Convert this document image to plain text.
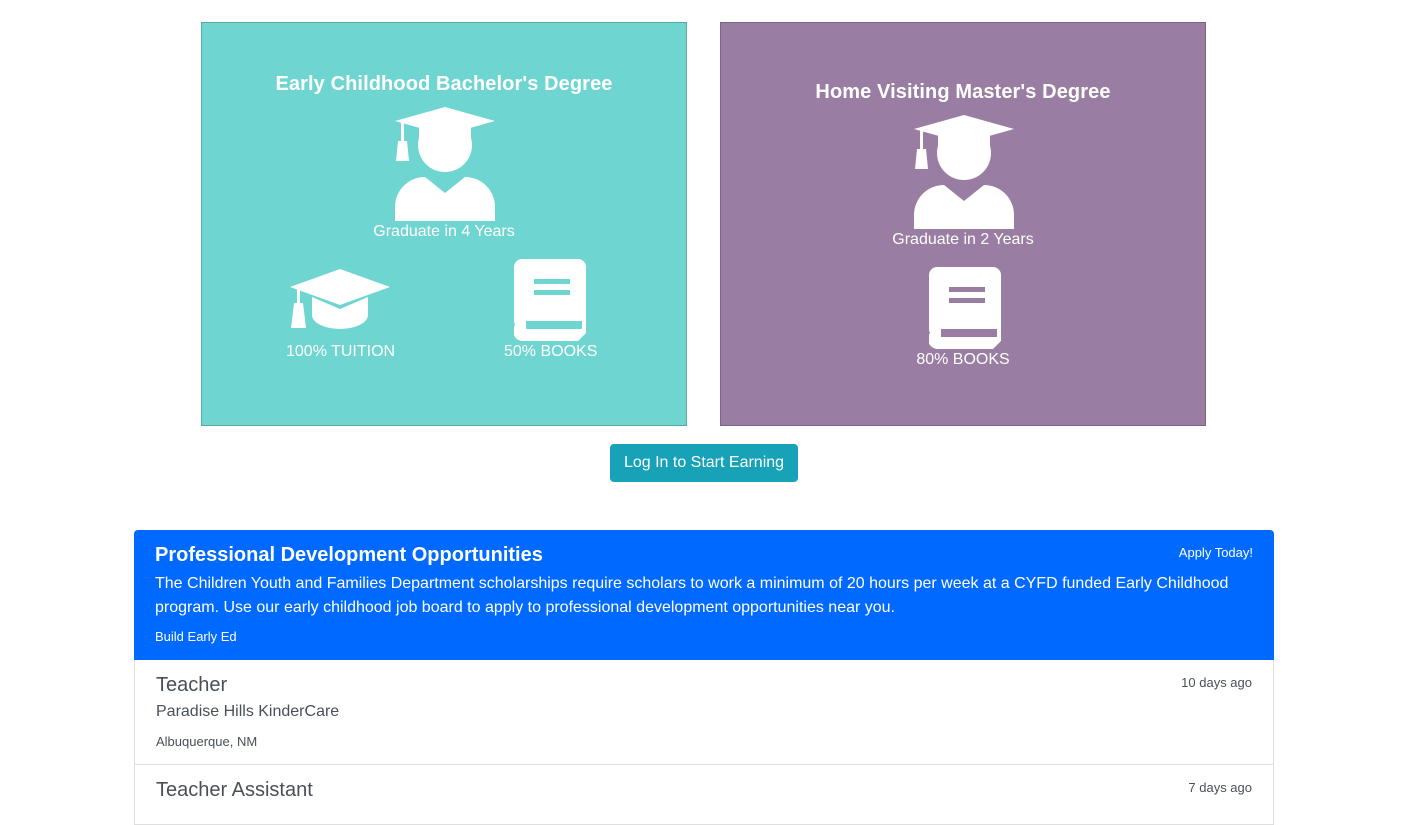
Early Childhood Bachelor's Degree
Graduate in 4 Years
100% TUITION	50% BOOKS
Home Visiting Master's Degree
Graduate in 2 Years
80% BOOKS
Log In to Start Earning
Professional Development Opportunities	Apply Today!
The Children Youth and Families Department scholarships require scholars to work a minimum of 20 hours per week at a CYFD funded Early Childhood program. Use our early childhood job board to apply to professional development opportunities near you.
Build Early Ed
Teacher	10 days ago
Paradise Hills KinderCare
Albuquerque, NM
Teacher Assistant	7 days ago
